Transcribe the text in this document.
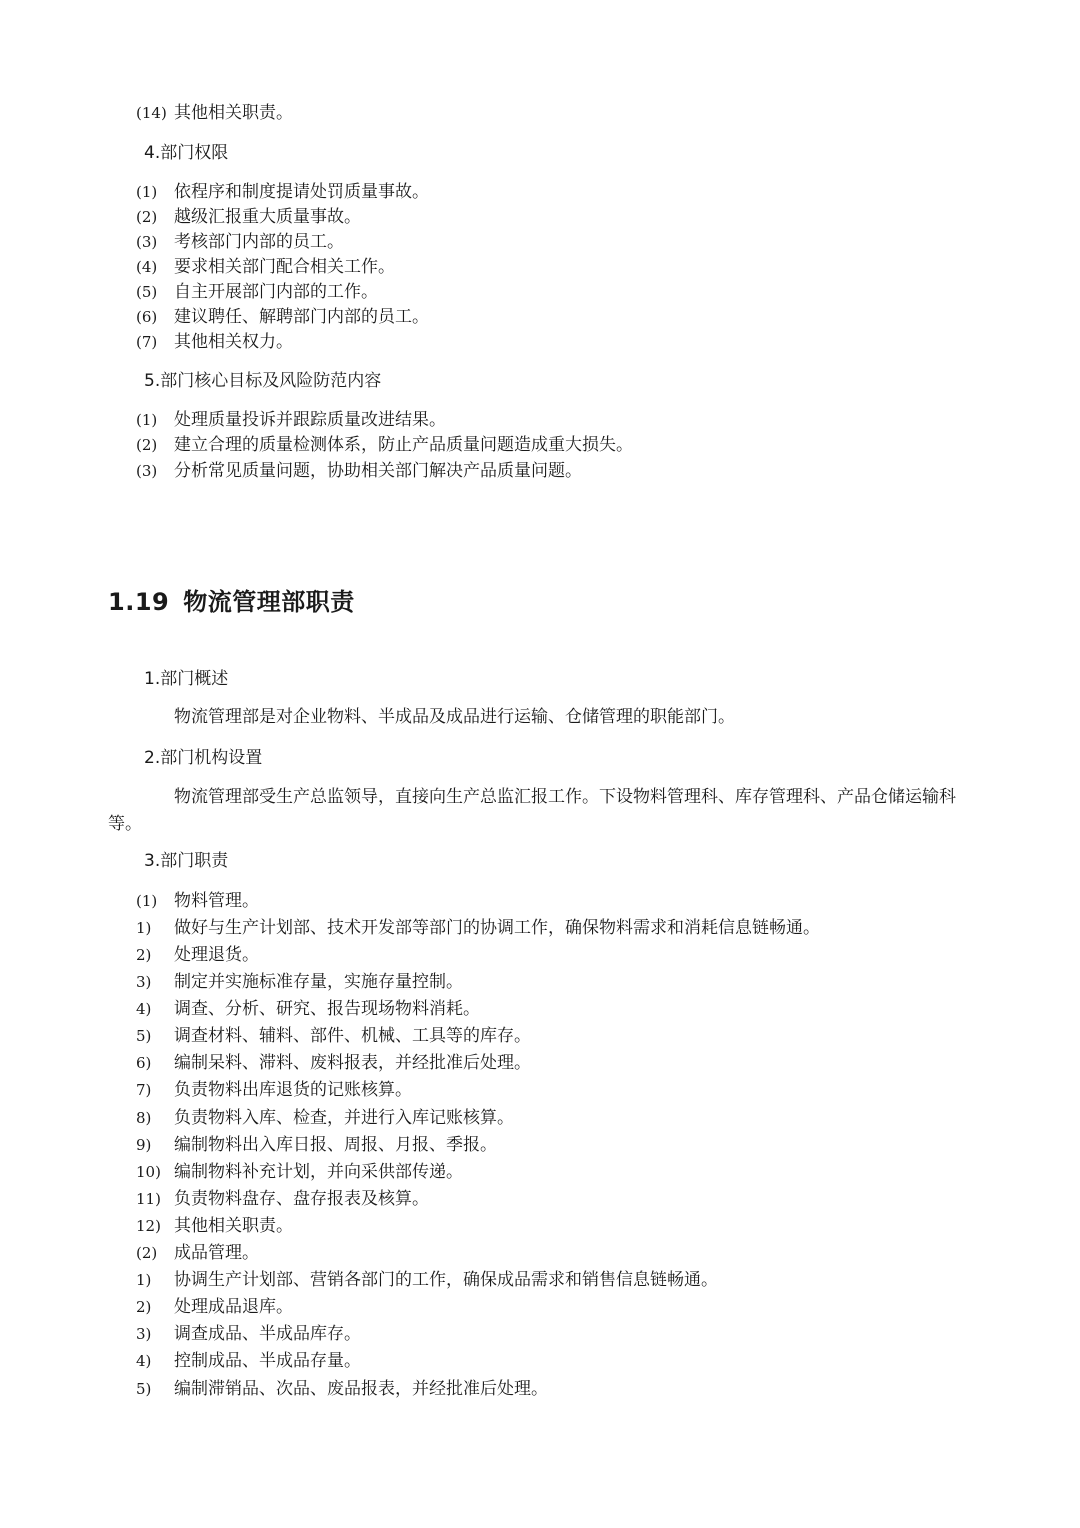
(14) 其他相关职责。
4.部门权限
(1) 依程序和制度提请处罚质量事故。
(2) 越级汇报重大质量事故。
(3) 考核部门内部的员工。
(4) 要求相关部门配合相关工作。
(5) 自主开展部门内部的工作。
(6) 建议聘任、解聘部门内部的员工。
(7) 其他相关权力。
5.部门核心目标及风险防范内容
(1) 处理质量投诉并跟踪质量改进结果。
(2) 建立合理的质量检测体系，防止产品质量问题造成重大损失。
(3) 分析常见质量问题，协助相关部门解决产品质量问题。
1.19 物流管理部职责
1.部门概述
物流管理部是对企业物料、半成品及成品进行运输、仓储管理的职能部门。
2.部门机构设置
物流管理部受生产总监领导，直接向生产总监汇报工作。下设物料管理科、库存管理科、产品仓储运输科等。
3.部门职责
(1) 物料管理。
1) 做好与生产计划部、技术开发部等部门的协调工作，确保物料需求和消耗信息链畅通。
2) 处理退货。
3) 制定并实施标准存量，实施存量控制。
4) 调查、分析、研究、报告现场物料消耗。
5) 调查材料、辅料、部件、机械、工具等的库存。
6) 编制呆料、滞料、废料报表，并经批准后处理。
7) 负责物料出库退货的记账核算。
8) 负责物料入库、检查，并进行入库记账核算。
9) 编制物料出入库日报、周报、月报、季报。
10) 编制物料补充计划，并向采供部传递。
11) 负责物料盘存、盘存报表及核算。
12) 其他相关职责。
(2) 成品管理。
1) 协调生产计划部、营销各部门的工作，确保成品需求和销售信息链畅通。
2) 处理成品退库。
3) 调查成品、半成品库存。
4) 控制成品、半成品存量。
5) 编制滞销品、次品、废品报表，并经批准后处理。
